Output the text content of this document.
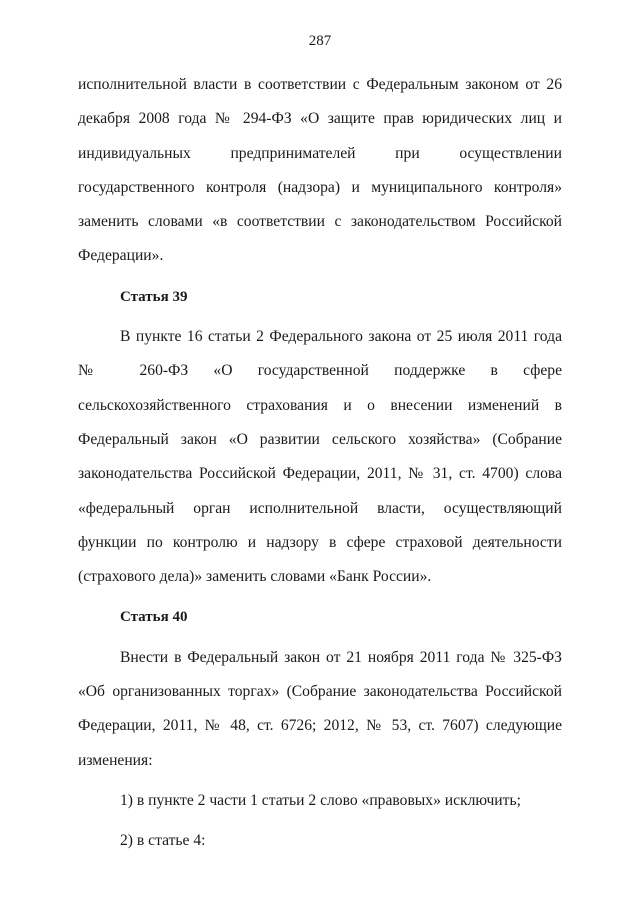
287

исполнительной власти в соответствии с Федеральным законом от 26 декабря 2008 года № 294-ФЗ «О защите прав юридических лиц и индивидуальных предпринимателей при осуществлении государственного контроля (надзора) и муниципального контроля» заменить словами «в соответствии с законодательством Российской Федерации».

Статья 39

В пункте 16 статьи 2 Федерального закона от 25 июля 2011 года № 260-ФЗ «О государственной поддержке в сфере сельскохозяйственного страхования и о внесении изменений в Федеральный закон «О развитии сельского хозяйства» (Собрание законодательства Российской Федерации, 2011, № 31, ст. 4700) слова «федеральный орган исполнительной власти, осуществляющий функции по контролю и надзору в сфере страховой деятельности (страхового дела)» заменить словами «Банк России».

Статья 40

Внести в Федеральный закон от 21 ноября 2011 года № 325-ФЗ «Об организованных торгах» (Собрание законодательства Российской Федерации, 2011, № 48, ст. 6726; 2012, № 53, ст. 7607) следующие изменения:

1) в пункте 2 части 1 статьи 2 слово «правовых» исключить;

2) в статье 4:
